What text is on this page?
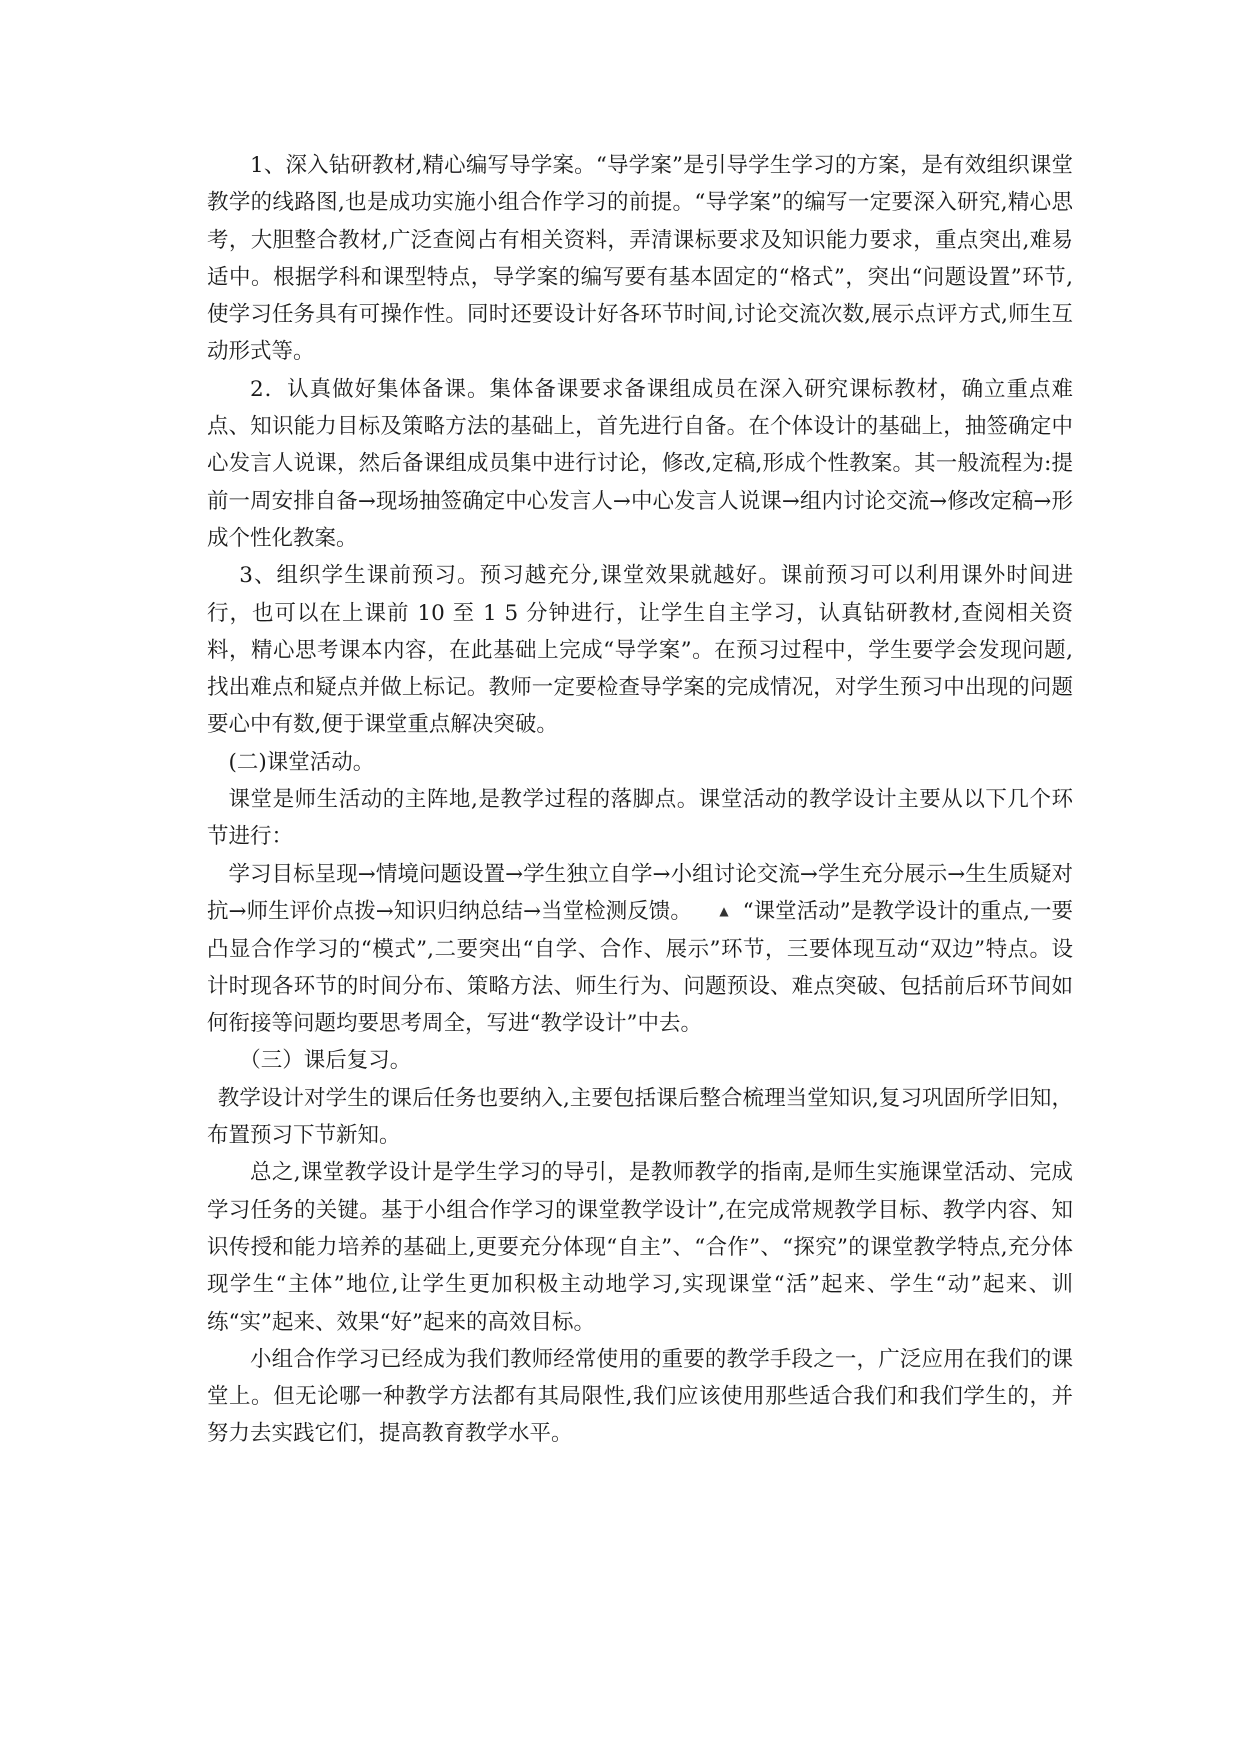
1、深入钻研教材,精心编写导学案。“导学案”是引导学生学习的方案，是有效组织课堂教学的线路图,也是成功实施小组合作学习的前提。“导学案”的编写一定要深入研究,精心思考，大胆整合教材,广泛查阅占有相关资料，弄清课标要求及知识能力要求，重点突出,难易适中。根据学科和课型特点，导学案的编写要有基本固定的“格式”，突出“问题设置”环节,使学习任务具有可操作性。同时还要设计好各环节时间,讨论交流次数,展示点评方式,师生互动形式等。

2．认真做好集体备课。集体备课要求备课组成员在深入研究课标教材，确立重点难点、知识能力目标及策略方法的基础上，首先进行自备。在个体设计的基础上，抽签确定中心发言人说课，然后备课组成员集中进行讨论，修改,定稿,形成个性教案。其一般流程为:提前一周安排自备→现场抽签确定中心发言人→中心发言人说课→组内讨论交流→修改定稿→形成个性化教案。

3、组织学生课前预习。预习越充分,课堂效果就越好。课前预习可以利用课外时间进行，也可以在上课前 10 至 1 5 分钟进行，让学生自主学习，认真钻研教材,查阅相关资料，精心思考课本内容，在此基础上完成“导学案”。在预习过程中，学生要学会发现问题,找出难点和疑点并做上标记。教师一定要检查导学案的完成情况，对学生预习中出现的问题要心中有数,便于课堂重点解决突破。

(二)课堂活动。

课堂是师生活动的主阵地,是教学过程的落脚点。课堂活动的教学设计主要从以下几个环节进行：

学习目标呈现→情境问题设置→学生独立自学→小组讨论交流→学生充分展示→生生质疑对抗→师生评价点拨→知识归纳总结→当堂检测反馈。 ▲ “课堂活动”是教学设计的重点,一要凸显合作学习的“模式”,二要突出“自学、合作、展示”环节，三要体现互动“双边”特点。设计时现各环节的时间分布、策略方法、师生行为、问题预设、难点突破、包括前后环节间如何衔接等问题均要思考周全，写进“教学设计”中去。

（三）课后复习。

教学设计对学生的课后任务也要纳入,主要包括课后整合梳理当堂知识,复习巩固所学旧知，布置预习下节新知。

总之,课堂教学设计是学生学习的导引，是教师教学的指南,是师生实施课堂活动、完成学习任务的关键。基于小组合作学习的课堂教学设计”,在完成常规教学目标、教学内容、知识传授和能力培养的基础上,更要充分体现“自主”、“合作”、“探究”的课堂教学特点,充分体现学生“主体”地位,让学生更加积极主动地学习,实现课堂“活”起来、学生“动”起来、训练“实”起来、效果“好”起来的高效目标。

小组合作学习已经成为我们教师经常使用的重要的教学手段之一，广泛应用在我们的课堂上。但无论哪一种教学方法都有其局限性,我们应该使用那些适合我们和我们学生的，并努力去实践它们，提高教育教学水平。
